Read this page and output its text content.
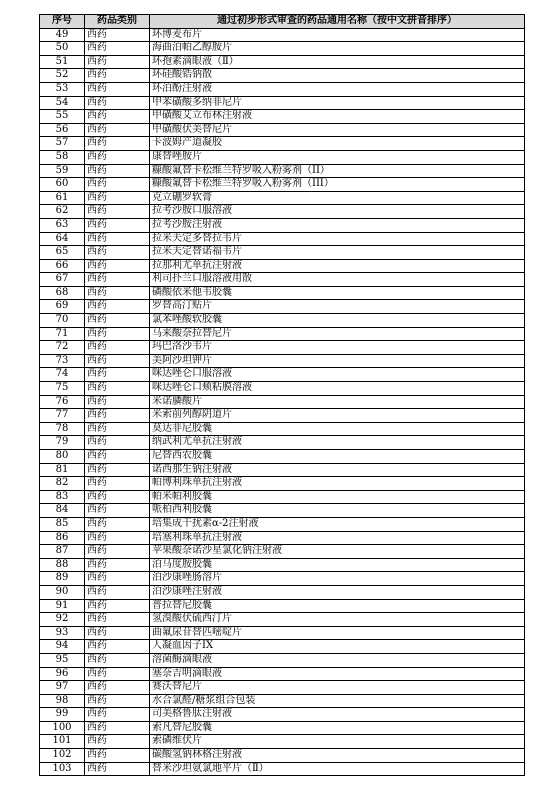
序号	药品类别	通过初步形式审查的药品通用名称（按中文拼音排序）
49	西药	环博麦布片
50	西药	海曲泊帕乙醇胺片
51	西药	环孢素滴眼液（Ⅱ）
52	西药	环硅酸锆钠散
53	西药	环泊酚注射液
54	西药	甲苯磺酸多纳非尼片
55	西药	甲磺酸艾立布林注射液
56	西药	甲磺酸伏美替尼片
57	西药	卡波姆产道凝胶
58	西药	康替唑胺片
59	西药	糠酸氟替卡松维兰特罗吸入粉雾剂（II）
60	西药	糠酸氟替卡松维兰特罗吸入粉雾剂（III）
61	西药	克立硼罗软膏
62	西药	拉考沙胺口服溶液
63	西药	拉考沙胺注射液
64	西药	拉米夫定多替拉韦片
65	西药	拉米夫定替诺福韦片
66	西药	拉那利尤单抗注射液
67	西药	利司扑兰口服溶液用散
68	西药	磷酸依米他韦胶囊
69	西药	罗替高汀贴片
70	西药	氯苯唑酸软胶囊
71	西药	马来酸奈拉替尼片
72	西药	玛巴洛沙韦片
73	西药	美阿沙坦钾片
74	西药	咪达唑仑口服溶液
75	西药	咪达唑仑口颊粘膜溶液
76	西药	米诺膦酸片
77	西药	米索前列醇阴道片
78	西药	莫达非尼胶囊
79	西药	纳武利尤单抗注射液
80	西药	尼替西农胶囊
81	西药	诺西那生钠注射液
82	西药	帕博利珠单抗注射液
83	西药	帕米帕利胶囊
84	西药	哌柏西利胶囊
85	西药	培集成干扰素α-2注射液
86	西药	培塞利珠单抗注射液
87	西药	苹果酸奈诺沙星氯化钠注射液
88	西药	泊马度胺胶囊
89	西药	泊沙康唑肠溶片
90	西药	泊沙康唑注射液
91	西药	普拉替尼胶囊
92	西药	氢溴酸伏硫西汀片
93	西药	曲氟尿苷替匹嘧啶片
94	西药	人凝血因子IX
95	西药	溶菌酶滴眼液
96	西药	塞奈吉明滴眼液
97	西药	赛沃替尼片
98	西药	水合氯醛/糖浆组合包装
99	西药	司美格鲁肽注射液
100	西药	索凡替尼胶囊
101	西药	索磷维伏片
102	西药	碳酸氢钠林格注射液
103	西药	替米沙坦氨氯地平片（Ⅱ）
